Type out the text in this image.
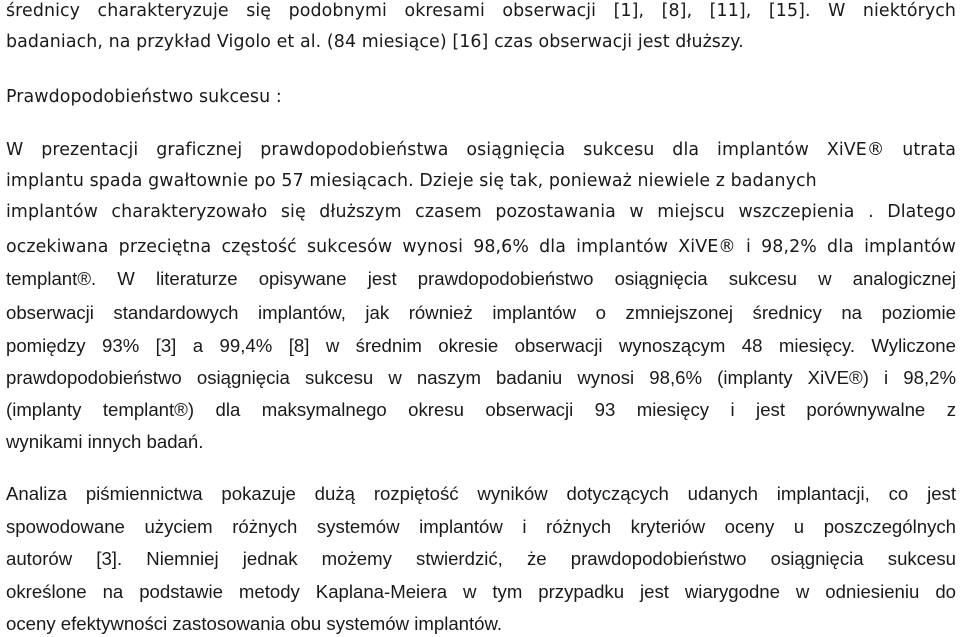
średnicy charakteryzuje się podobnymi okresami obserwacji [1], [8], [11], [15]. W niektórych

badaniach, na przykład Vigolo et al. (84 miesiące) [16] czas obserwacji jest dłuższy.

Prawdopodobieństwo sukcesu :

W prezentacji graficznej prawdopodobieństwa osiągnięcia sukcesu dla implantów XiVE® utrata

implantu spada gwałtownie po 57 miesiącach. Dzieje się tak, ponieważ niewiele z badanych

implantów charakteryzowało się dłuższym czasem pozostawania w miejscu wszczepienia . Dlatego

oczekiwana przeciętna częstość sukcesów wynosi 98,6% dla implantów XiVE® i 98,2% dla implantów

templant®. W literaturze opisywane jest prawdopodobieństwo osiągnięcia sukcesu w analogicznej

obserwacji standardowych implantów, jak również implantów o zmniejszonej średnicy na poziomie

pomiędzy 93% [3] a 99,4% [8] w średnim okresie obserwacji wynoszącym 48 miesięcy. Wyliczone

prawdopodobieństwo osiągnięcia sukcesu w naszym badaniu wynosi 98,6% (implanty XiVE®) i 98,2%

(implanty templant®) dla maksymalnego okresu obserwacji 93 miesięcy i jest porównywalne z

wynikami innych badań.

Analiza piśmiennictwa pokazuje dużą rozpiętość wyników dotyczących udanych implantacji, co jest

spowodowane użyciem różnych systemów implantów i różnych kryteriów oceny u poszczególnych

autorów [3]. Niemniej jednak możemy stwierdzić, że prawdopodobieństwo osiągnięcia sukcesu

określone na podstawie metody Kaplana-Meiera w tym przypadku jest wiarygodne w odniesieniu do

oceny efektywności zastosowania obu systemów implantów.
